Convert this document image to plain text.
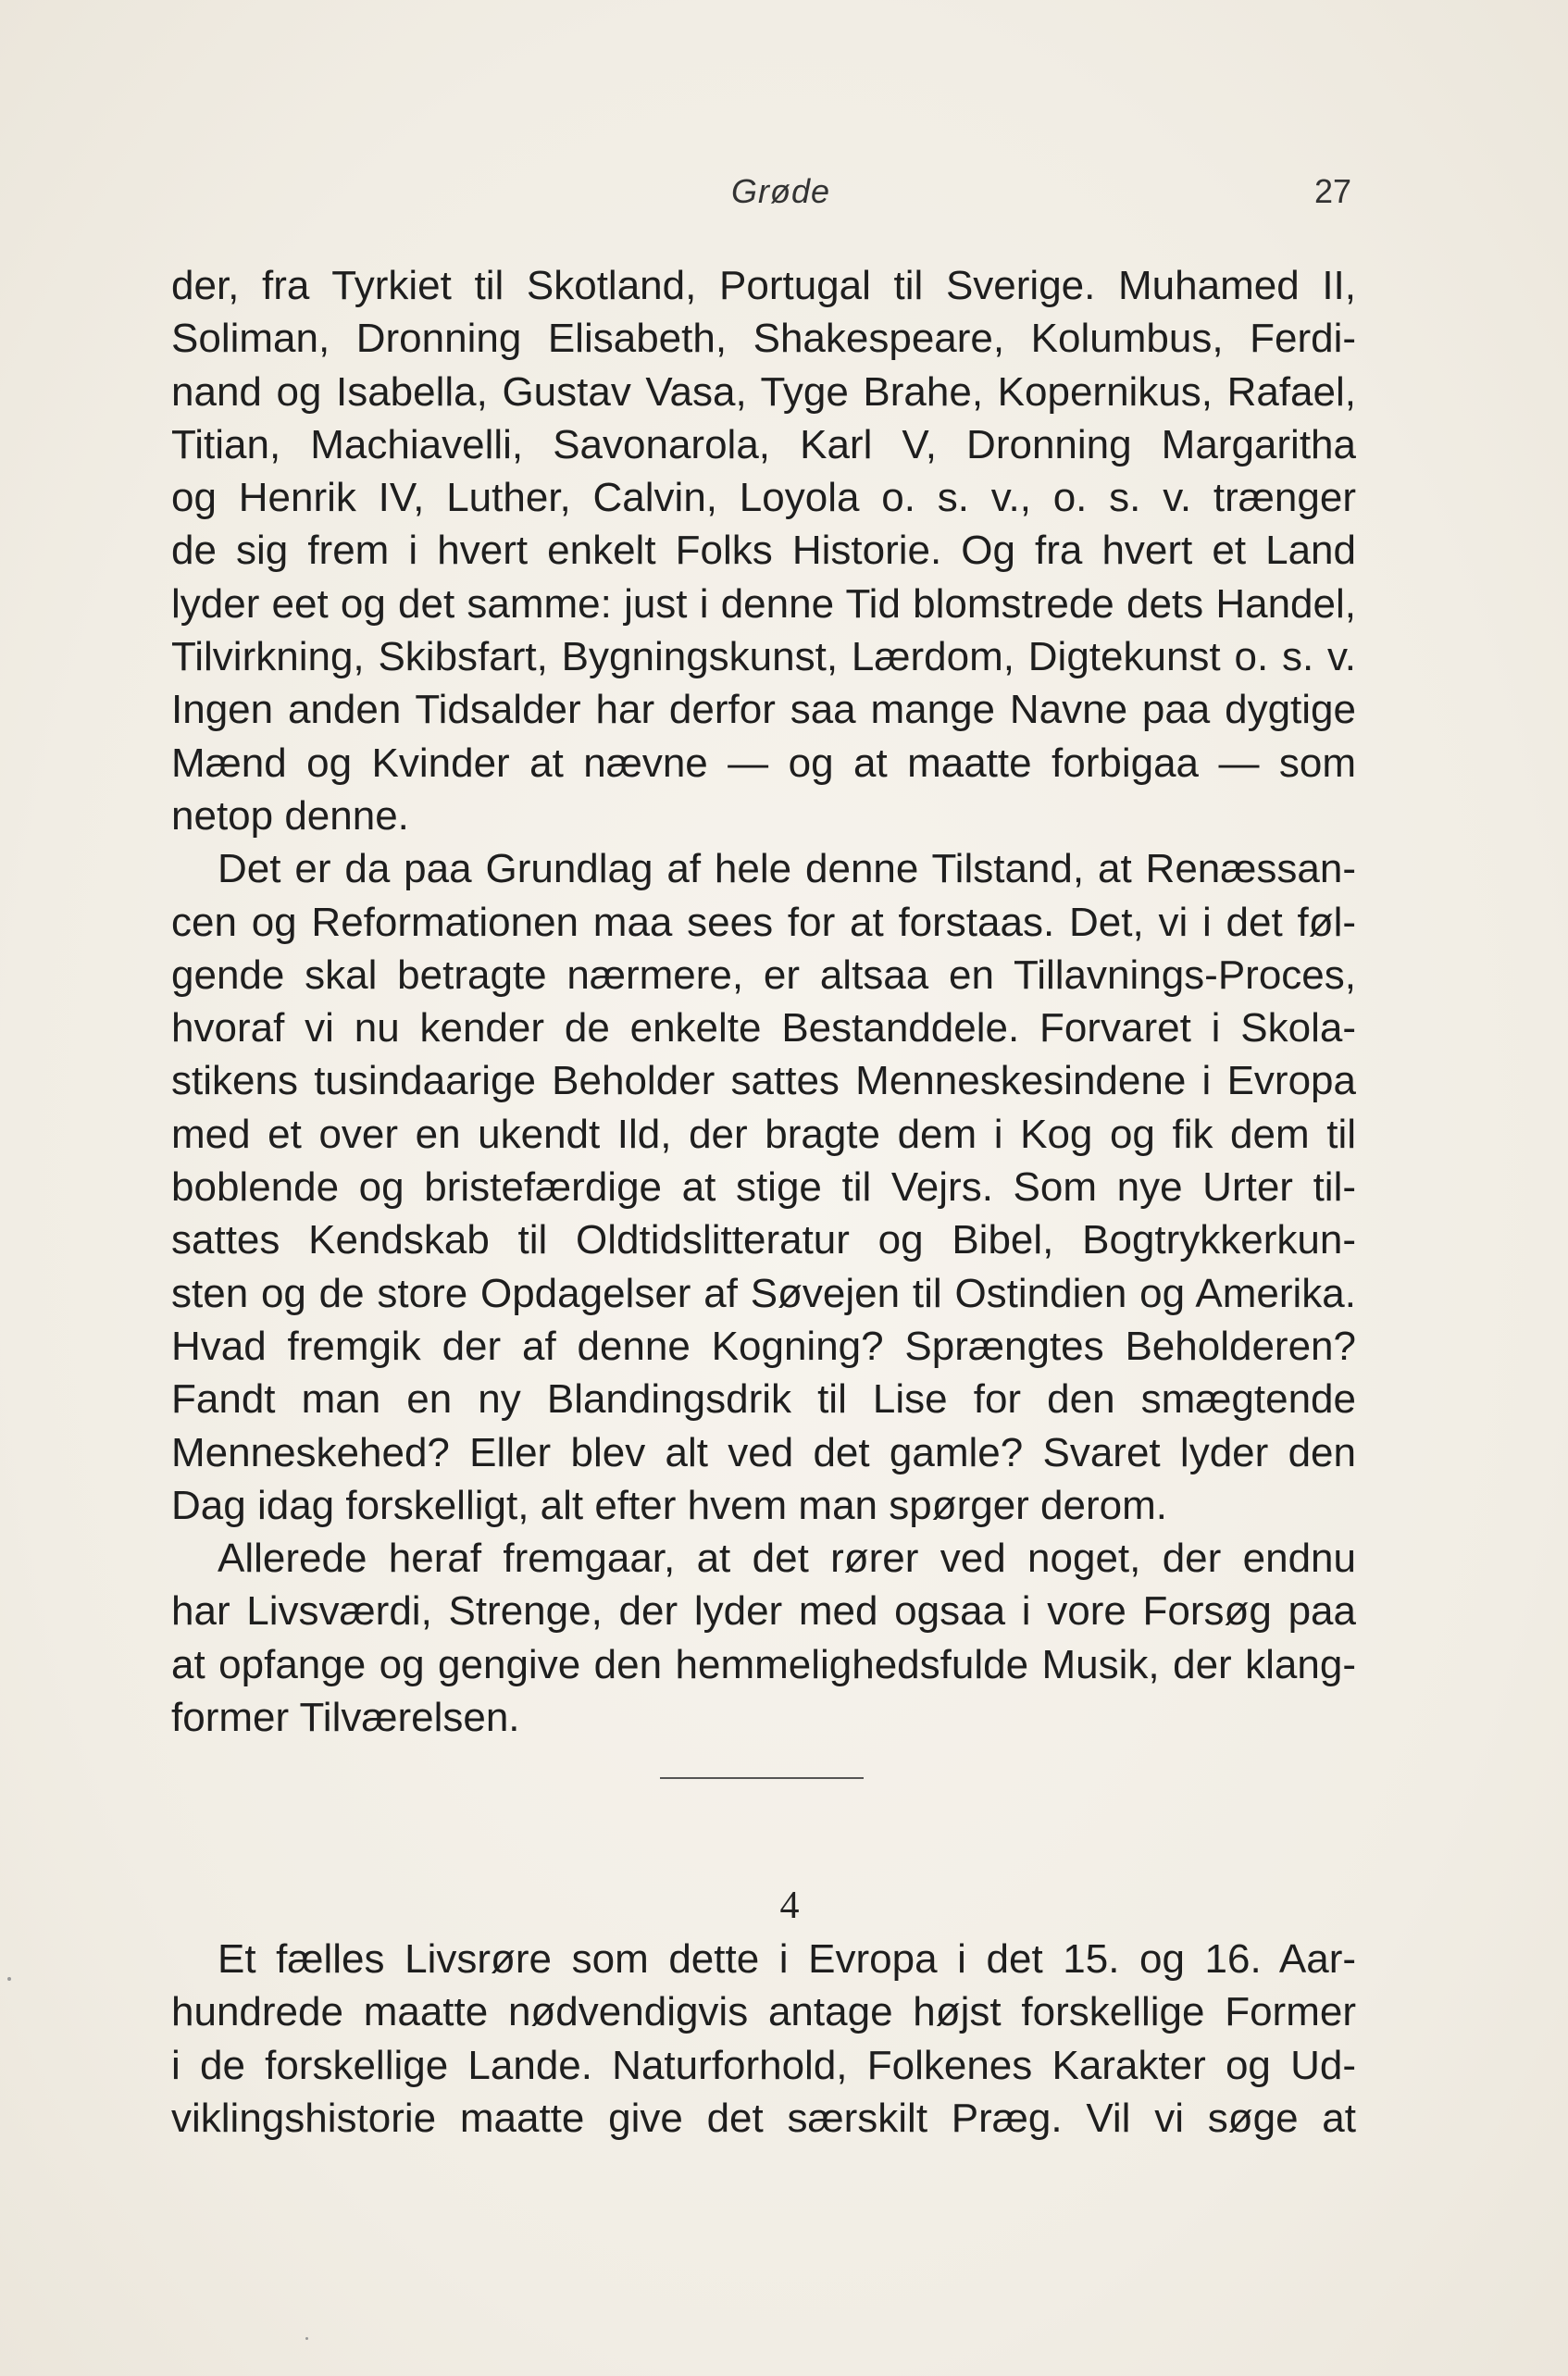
Grøde	27
der, fra Tyrkiet til Skotland, Portugal til Sverige. Muhamed II,
Soliman, Dronning Elisabeth, Shakespeare, Kolumbus, Ferdi-
nand og Isabella, Gustav Vasa, Tyge Brahe, Kopernikus, Rafael,
Titian, Machiavelli, Savonarola, Karl V, Dronning Margaritha
og Henrik IV, Luther, Calvin, Loyola o. s. v., o. s. v. trænger
de sig frem i hvert enkelt Folks Historie. Og fra hvert et Land
lyder eet og det samme: just i denne Tid blomstrede dets Handel,
Tilvirkning, Skibsfart, Bygningskunst, Lærdom, Digtekunst o. s. v.
Ingen anden Tidsalder har derfor saa mange Navne paa dygtige
Mænd og Kvinder at nævne — og at maatte forbigaa — som
netop denne.
Det er da paa Grundlag af hele denne Tilstand, at Renæssan-
cen og Reformationen maa sees for at forstaas. Det, vi i det føl-
gende skal betragte nærmere, er altsaa en Tillavnings-Proces,
hvoraf vi nu kender de enkelte Bestanddele. Forvaret i Skola-
stikens tusindaarige Beholder sattes Menneskesindene i Evropa
med et over en ukendt Ild, der bragte dem i Kog og fik dem til
boblende og bristefærdige at stige til Vejrs. Som nye Urter til-
sattes Kendskab til Oldtidslitteratur og Bibel, Bogtrykkerkun-
sten og de store Opdagelser af Søvejen til Ostindien og Amerika.
Hvad fremgik der af denne Kogning? Sprængtes Beholderen?
Fandt man en ny Blandingsdrik til Lise for den smægtende
Menneskehed? Eller blev alt ved det gamle? Svaret lyder den
Dag idag forskelligt, alt efter hvem man spørger derom.
Allerede heraf fremgaar, at det rører ved noget, der endnu
har Livsværdi, Strenge, der lyder med ogsaa i vore Forsøg paa
at opfange og gengive den hemmelighedsfulde Musik, der klang-
former Tilværelsen.
4
Et fælles Livsrøre som dette i Evropa i det 15. og 16. Aar-
hundrede maatte nødvendigvis antage højst forskellige Former
i de forskellige Lande. Naturforhold, Folkenes Karakter og Ud-
viklingshistorie maatte give det særskilt Præg. Vil vi søge at
